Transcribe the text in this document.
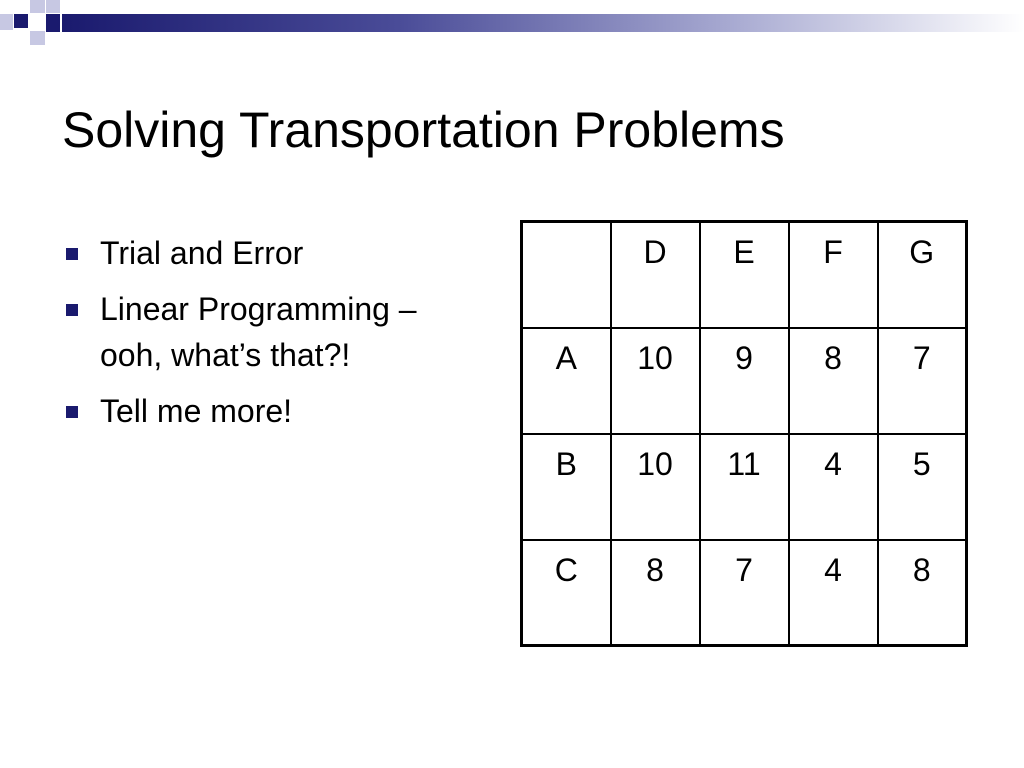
Solving Transportation Problems
Trial and Error
Linear Programming – ooh, what’s that?!
Tell me more!
	D	E	F	G
A	10	9	8	7
B	10	11	4	5
C	8	7	4	8
